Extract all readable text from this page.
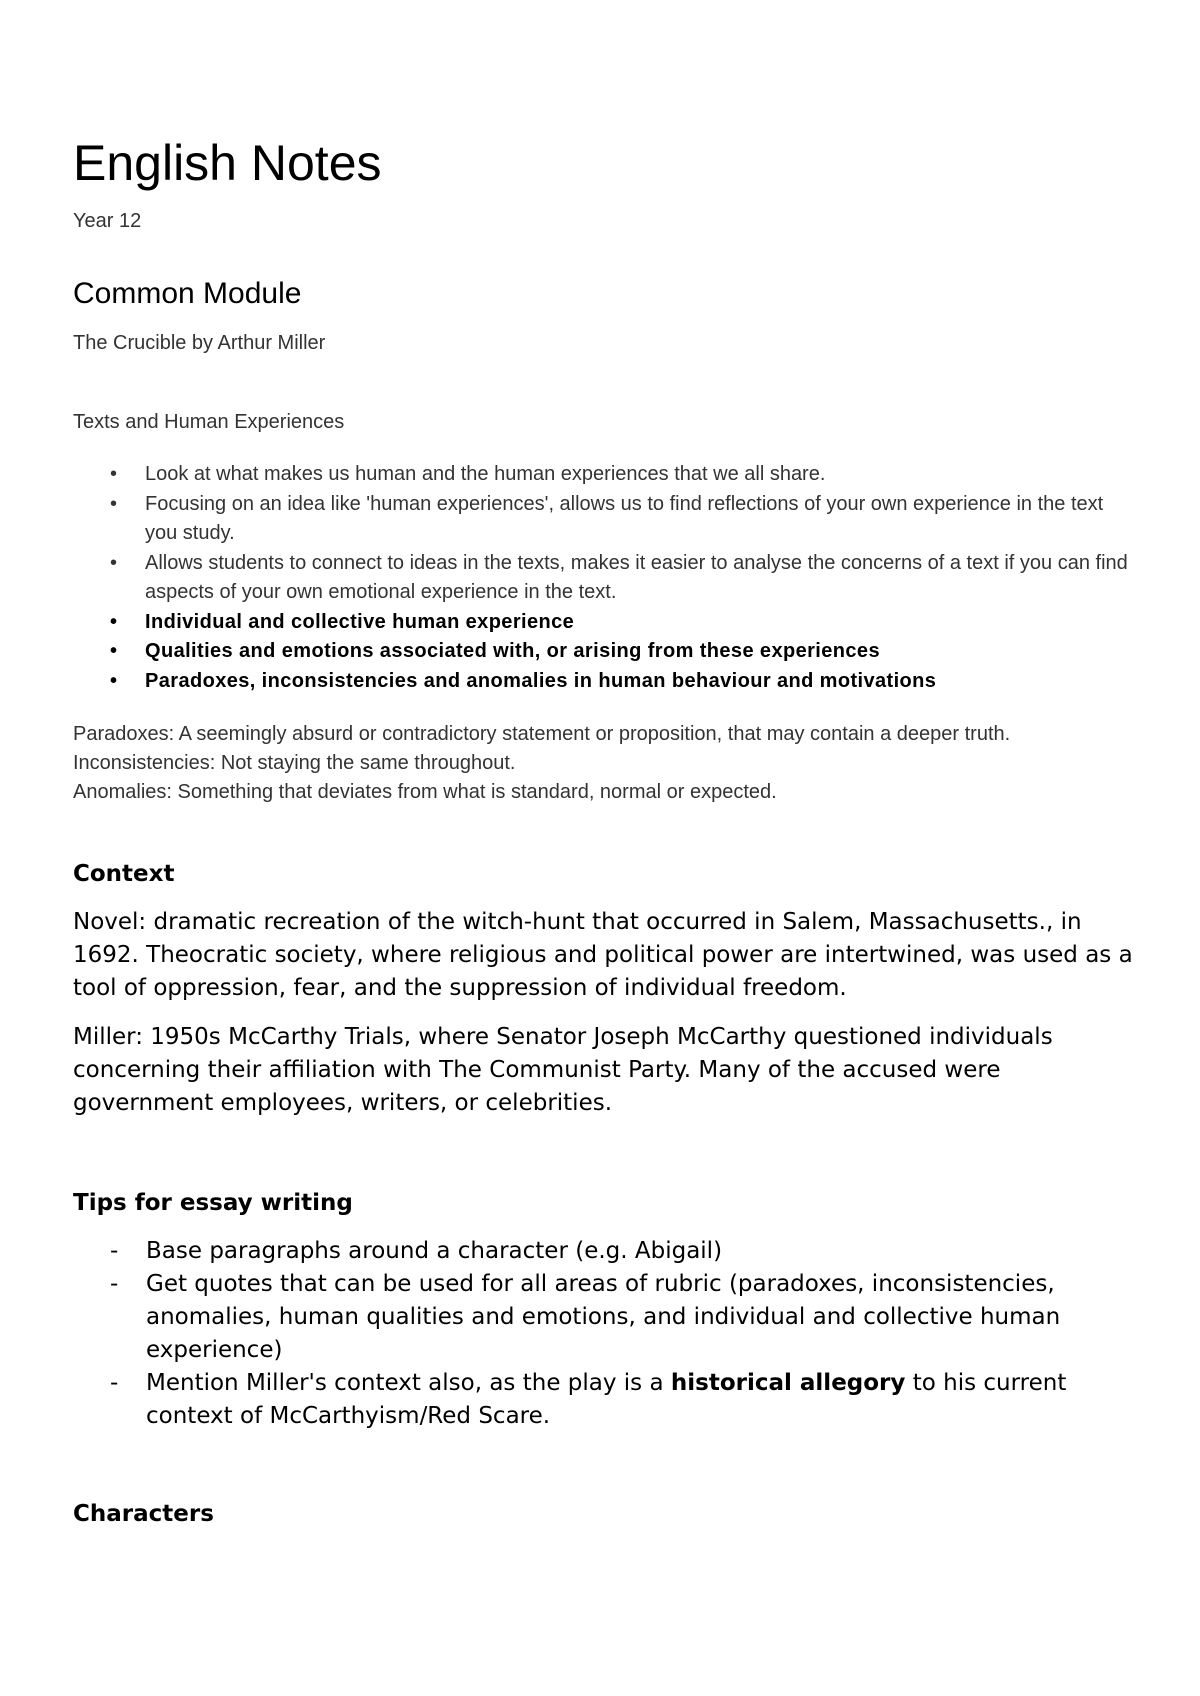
English Notes
Year 12
Common Module
The Crucible by Arthur Miller
Texts and Human Experiences
• Look at what makes us human and the human experiences that we all share.
• Focusing on an idea like 'human experiences', allows us to find reflections of your own experience in the text you study.
• Allows students to connect to ideas in the texts, makes it easier to analyse the concerns of a text if you can find aspects of your own emotional experience in the text.
• Individual and collective human experience
• Qualities and emotions associated with, or arising from these experiences
• Paradoxes, inconsistencies and anomalies in human behaviour and motivations
Paradoxes: A seemingly absurd or contradictory statement or proposition, that may contain a deeper truth.
Inconsistencies: Not staying the same throughout.
Anomalies: Something that deviates from what is standard, normal or expected.
Context

Novel: dramatic recreation of the witch-hunt that occurred in Salem, Massachusetts., in 1692. Theocratic society, where religious and political power are intertwined, was used as a tool of oppression, fear, and the suppression of individual freedom.

Miller: 1950s McCarthy Trials, where Senator Joseph McCarthy questioned individuals concerning their affiliation with The Communist Party. Many of the accused were government employees, writers, or celebrities.

Tips for essay writing
- Base paragraphs around a character (e.g. Abigail)
- Get quotes that can be used for all areas of rubric (paradoxes, inconsistencies, anomalies, human qualities and emotions, and individual and collective human experience)
- Mention Miller's context also, as the play is a historical allegory to his current context of McCarthyism/Red Scare.
Characters
